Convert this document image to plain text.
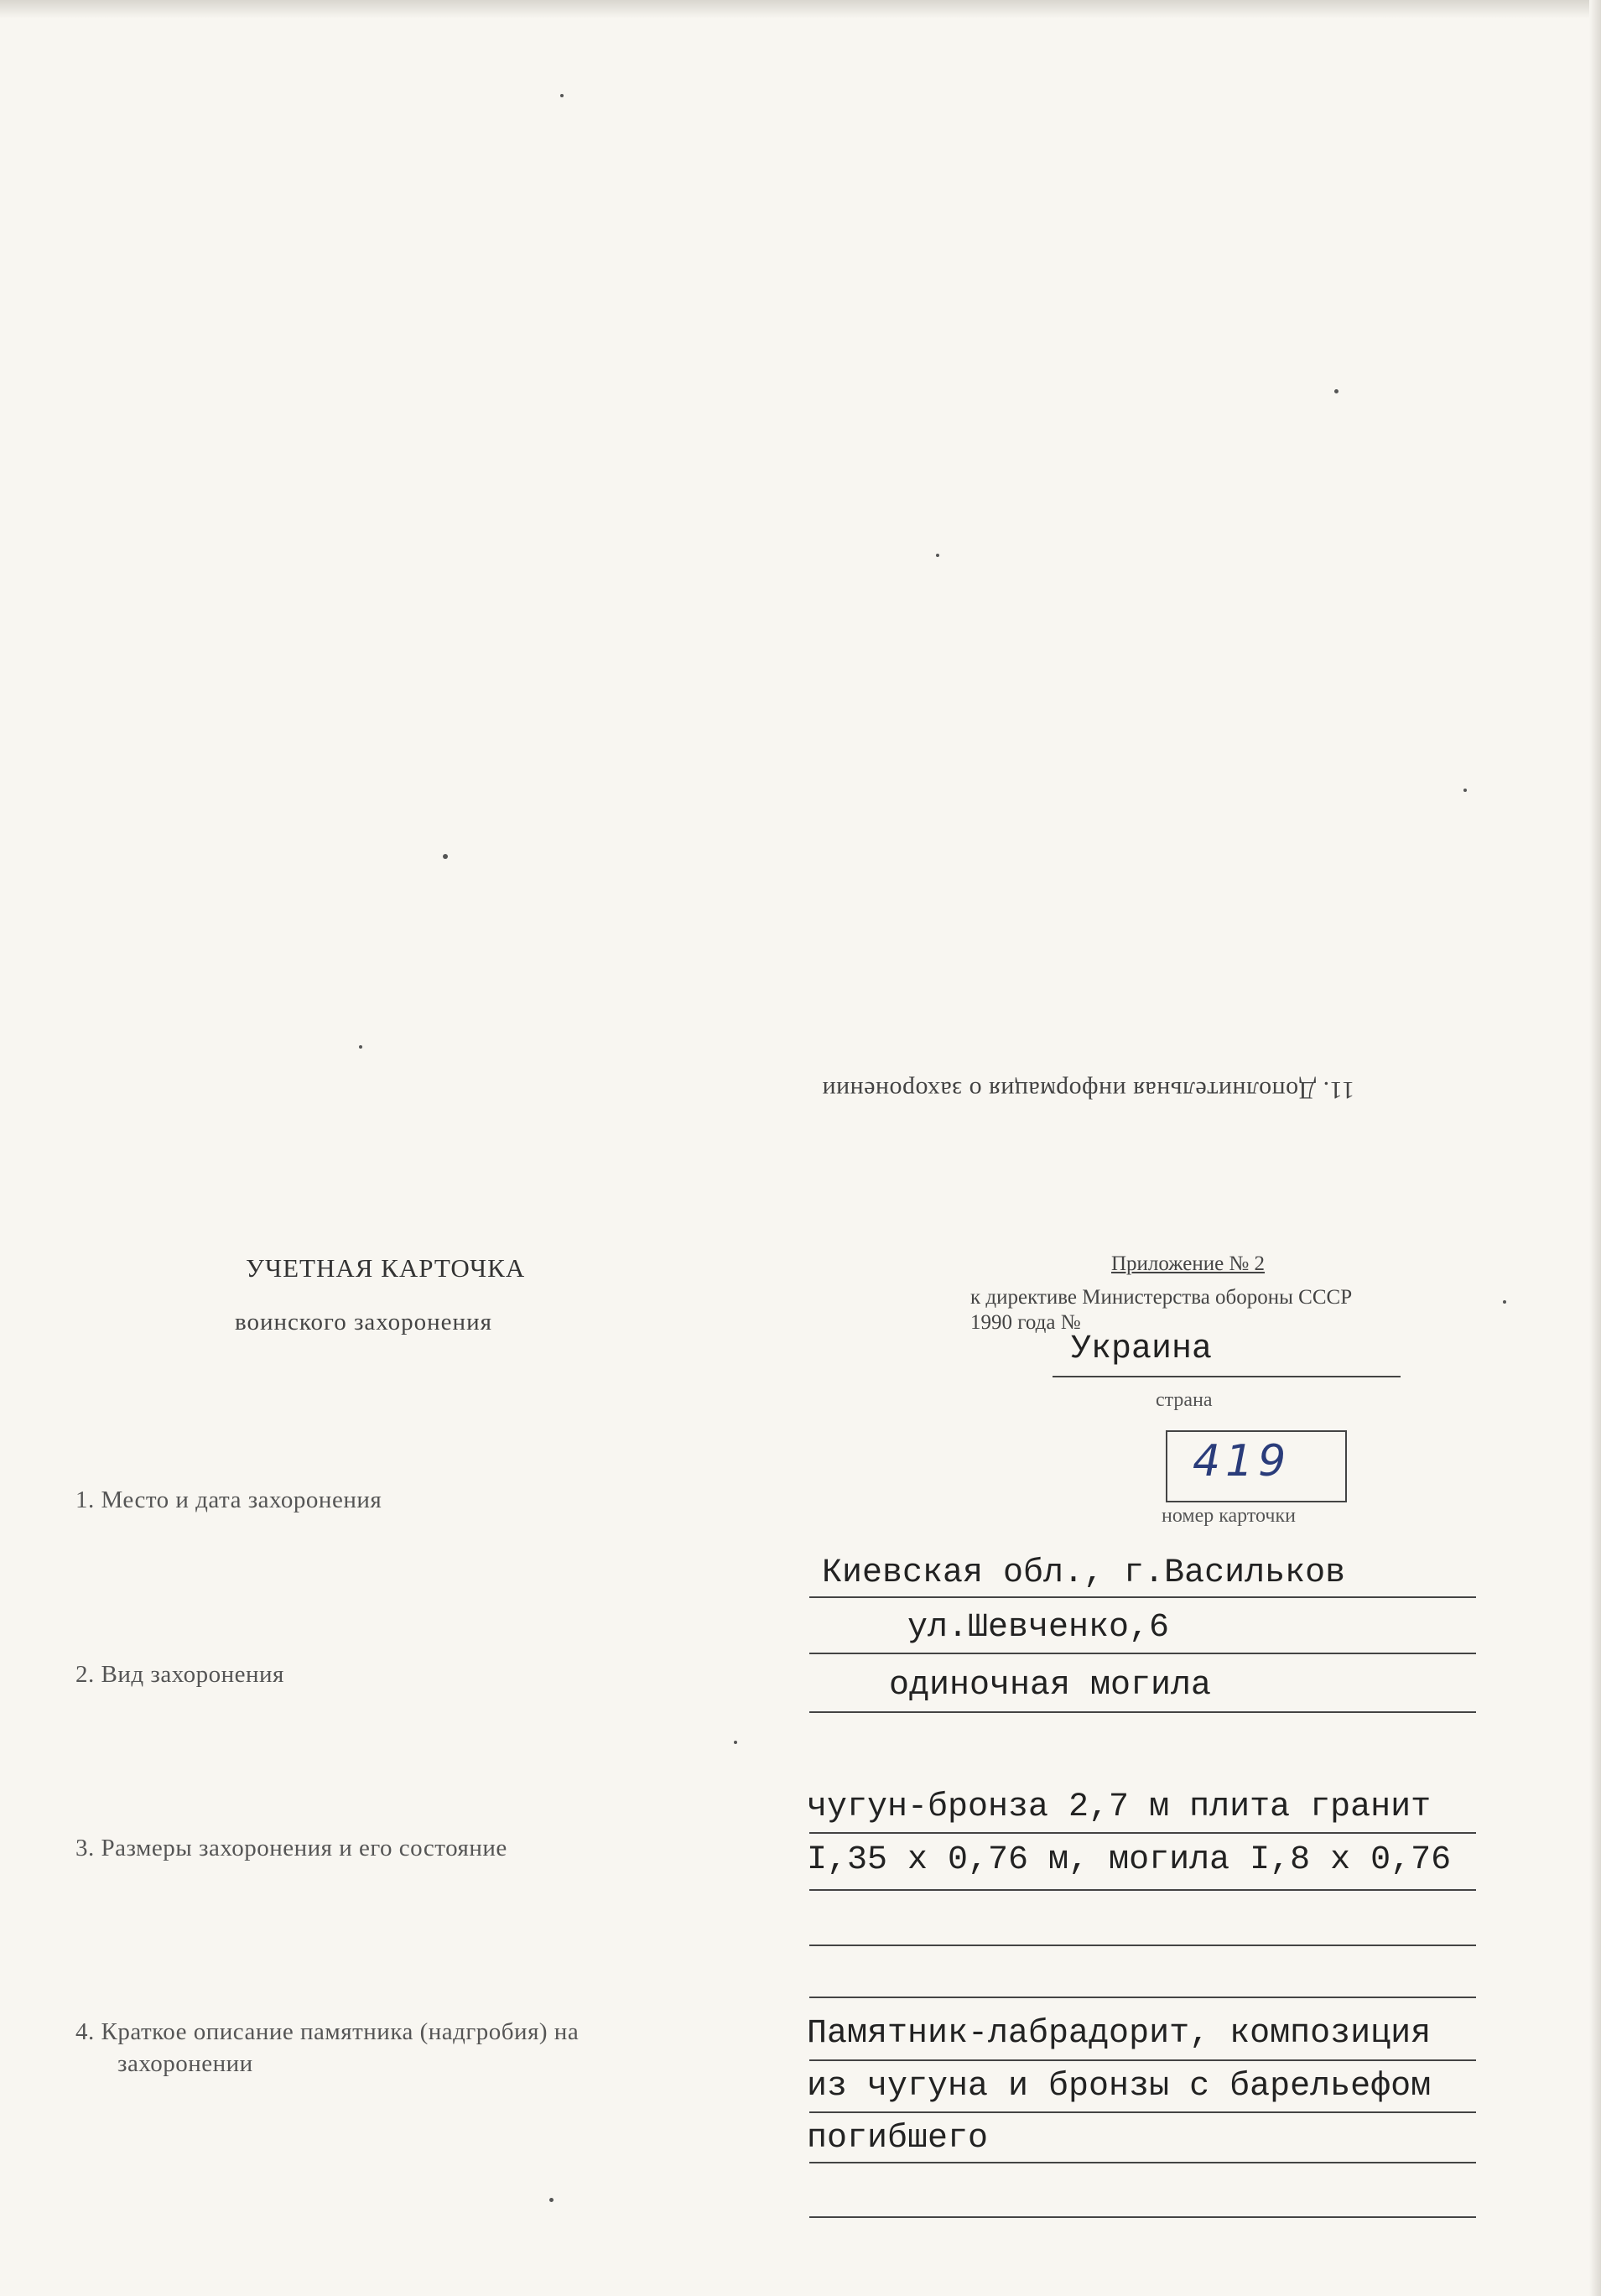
11. Дополнительная информация о захоронении
УЧЕТНАЯ КАРТОЧКА
воинского захоронения
Приложение № 2
к директиве Министерства обороны СССР
1990 года №
Украина
страна
419
номер карточки
1. Место и дата захоронения
Киевская обл., г.Васильков
ул.Шевченко,6
2. Вид захоронения	одиночная могила
3. Размеры захоронения и его состояние
чугун-бронза 2,7 м плита гранит
I,35 х 0,76 м, могила I,8 х 0,76
4. Краткое описание памятника (надгробия) на
захоронении
Памятник-лабрадорит, композиция
из чугуна и бронзы с барельефом
погибшего
